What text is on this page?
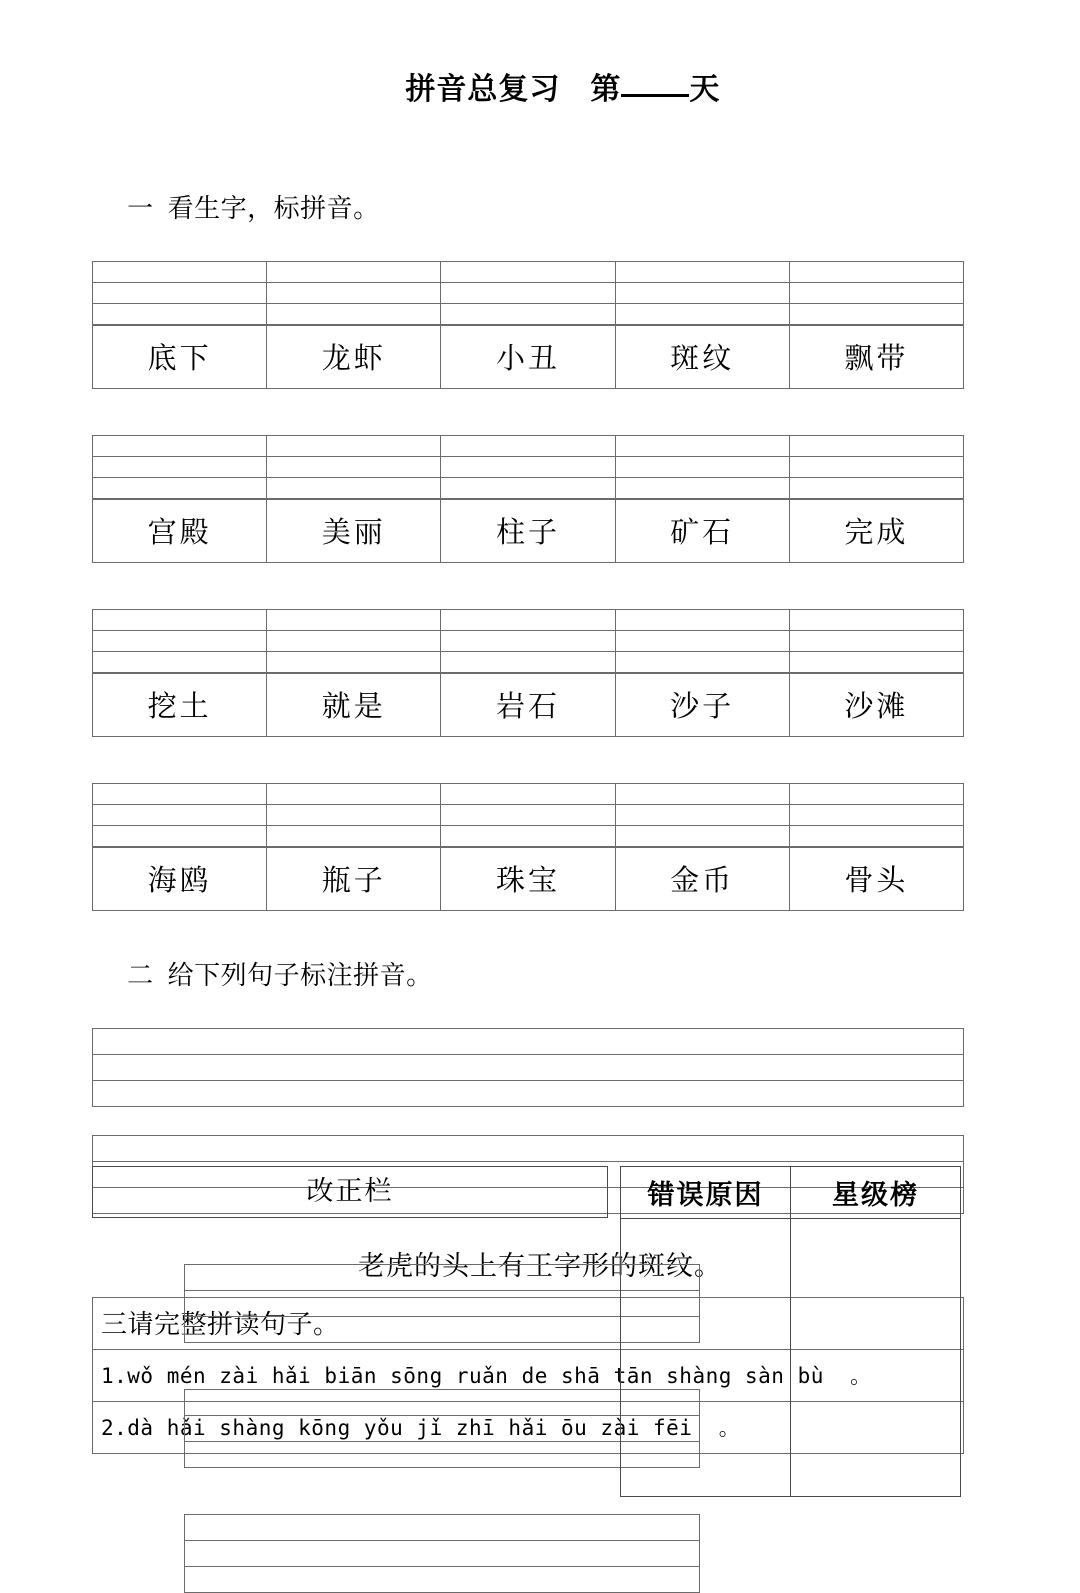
拼音总复习 第 天

一 看生字，标拼音。

底下	龙虾	小丑	斑纹	飘带

宫殿	美丽	柱子	矿石	完成

挖土	就是	岩石	沙子	沙滩

海鸥	瓶子	珠宝	金币	骨头

二 给下列句子标注拼音。

老虎的头上有王字形的斑纹。
三请完整拼读句子。
1.wǒ mén zài hǎi biān sōng ruǎn de shā tān shàng sàn bù  。
2.dà hǎi shàng kōng yǒu jǐ zhī hǎi ōu zài fēi  。
改正栏	错误原因	星级榜
